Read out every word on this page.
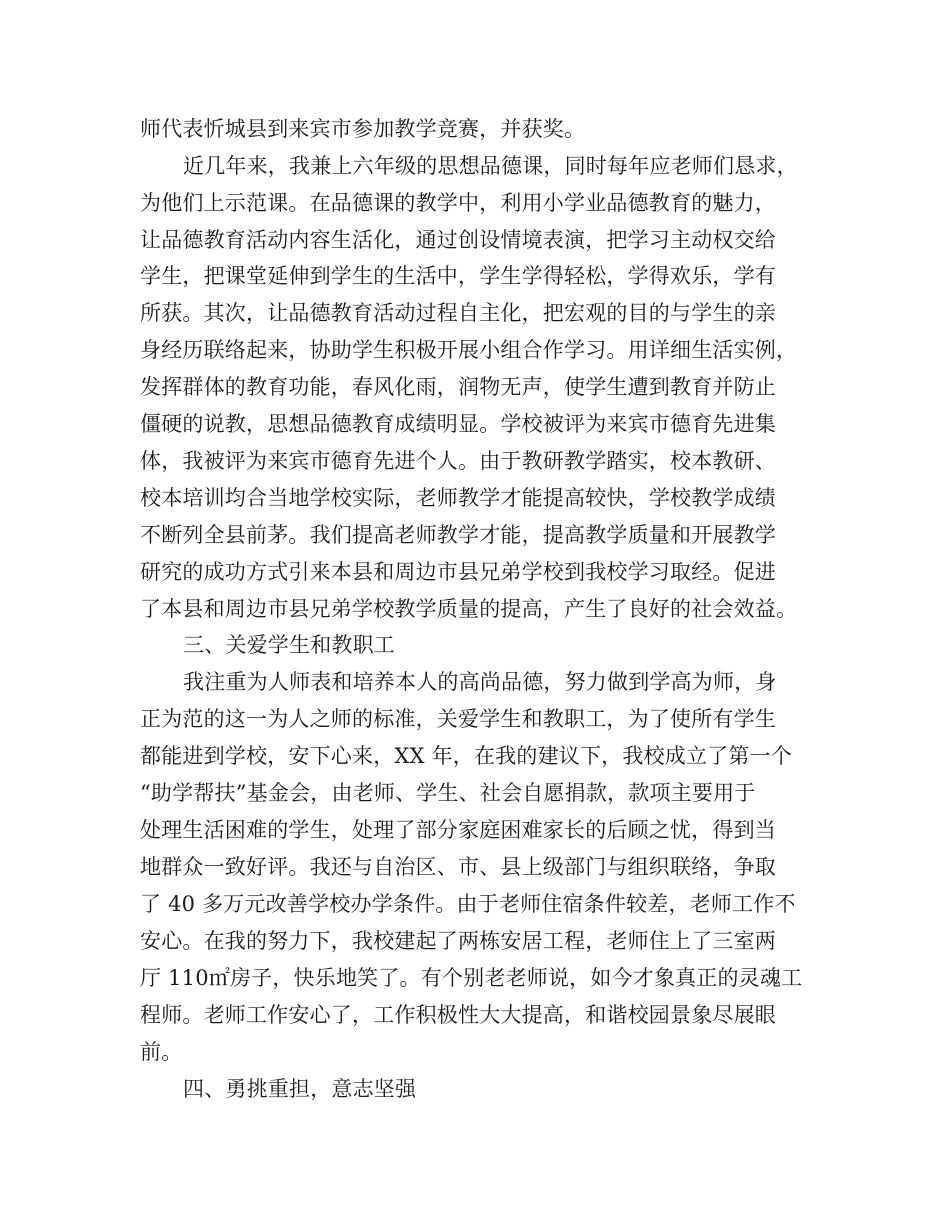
师代表忻城县到来宾市参加教学竞赛，并获奖。
近几年来，我兼上六年级的思想品德课，同时每年应老师们恳求，
为他们上示范课。在品德课的教学中，利用小学业品德教育的魅力，
让品德教育活动内容生活化，通过创设情境表演，把学习主动权交给
学生，把课堂延伸到学生的生活中，学生学得轻松，学得欢乐，学有
所获。其次，让品德教育活动过程自主化，把宏观的目的与学生的亲
身经历联络起来，协助学生积极开展小组合作学习。用详细生活实例，
发挥群体的教育功能，春风化雨，润物无声，使学生遭到教育并防止
僵硬的说教，思想品德教育成绩明显。学校被评为来宾市德育先进集
体，我被评为来宾市德育先进个人。由于教研教学踏实，校本教研、
校本培训均合当地学校实际，老师教学才能提高较快，学校教学成绩
不断列全县前茅。我们提高老师教学才能，提高教学质量和开展教学
研究的成功方式引来本县和周边市县兄弟学校到我校学习取经。促进
了本县和周边市县兄弟学校教学质量的提高，产生了良好的社会效益。
三、关爱学生和教职工
我注重为人师表和培养本人的高尚品德，努力做到学高为师，身
正为范的这一为人之师的标准，关爱学生和教职工，为了使所有学生
都能进到学校，安下心来，XX 年，在我的建议下，我校成立了第一个
“助学帮扶”基金会，由老师、学生、社会自愿捐款，款项主要用于
处理生活困难的学生，处理了部分家庭困难家长的后顾之忧，得到当
地群众一致好评。我还与自治区、市、县上级部门与组织联络，争取
了 40 多万元改善学校办学条件。由于老师住宿条件较差，老师工作不
安心。在我的努力下，我校建起了两栋安居工程，老师住上了三室两
厅 110㎡房子，快乐地笑了。有个别老老师说，如今才象真正的灵魂工
程师。老师工作安心了，工作积极性大大提高，和谐校园景象尽展眼
前。
四、勇挑重担，意志坚强
